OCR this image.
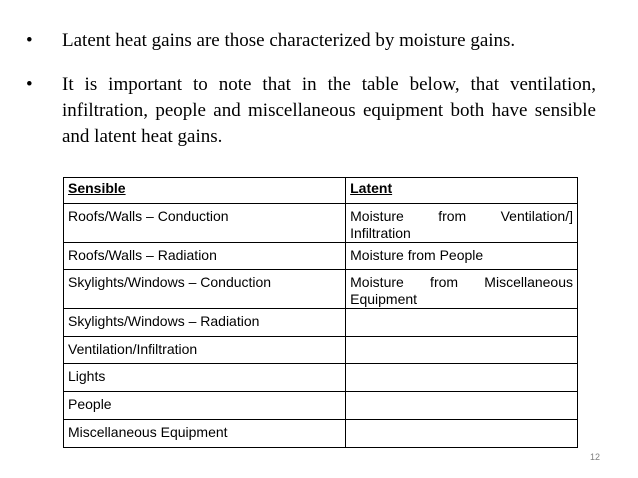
• Latent heat gains are those characterized by moisture gains.
• It is important to note that in the table below, that ventilation, infiltration, people and miscellaneous equipment both have sensible and latent heat gains.
Sensible	Latent
Roofs/Walls – Conduction	Moisture from Ventilation/] Infiltration
Roofs/Walls – Radiation	Moisture from People
Skylights/Windows – Conduction	Moisture from Miscellaneous Equipment
Skylights/Windows – Radiation	
Ventilation/Infiltration	
Lights	
People	
Miscellaneous Equipment	
12
